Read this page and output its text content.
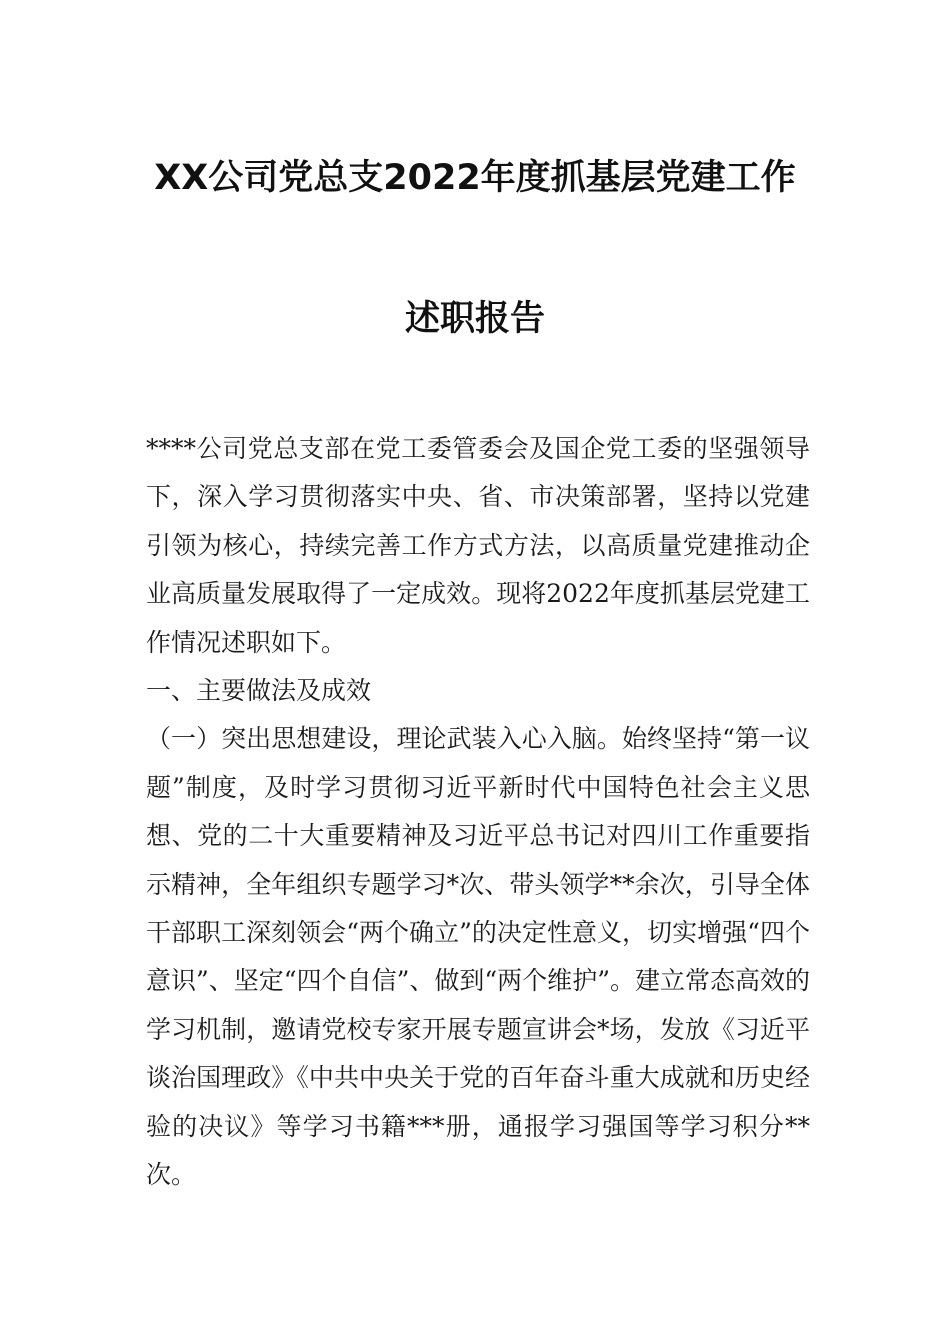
XX公司党总支2022年度抓基层党建工作
述职报告

****公司党总支部在党工委管委会及国企党工委的坚强领导下，深入学习贯彻落实中央、省、市决策部署，坚持以党建引领为核心，持续完善工作方式方法，以高质量党建推动企业高质量发展取得了一定成效。现将2022年度抓基层党建工作情况述职如下。

一、主要做法及成效

（一）突出思想建设，理论武装入心入脑。始终坚持“第一议题”制度，及时学习贯彻习近平新时代中国特色社会主义思想、党的二十大重要精神及习近平总书记对四川工作重要指示精神，全年组织专题学习*次、带头领学**余次，引导全体干部职工深刻领会“两个确立”的决定性意义，切实增强“四个意识”、坚定“四个自信”、做到“两个维护”。建立常态高效的学习机制，邀请党校专家开展专题宣讲会*场，发放《习近平谈治国理政》《中共中央关于党的百年奋斗重大成就和历史经验的决议》等学习书籍***册，通报学习强国等学习积分**次。
